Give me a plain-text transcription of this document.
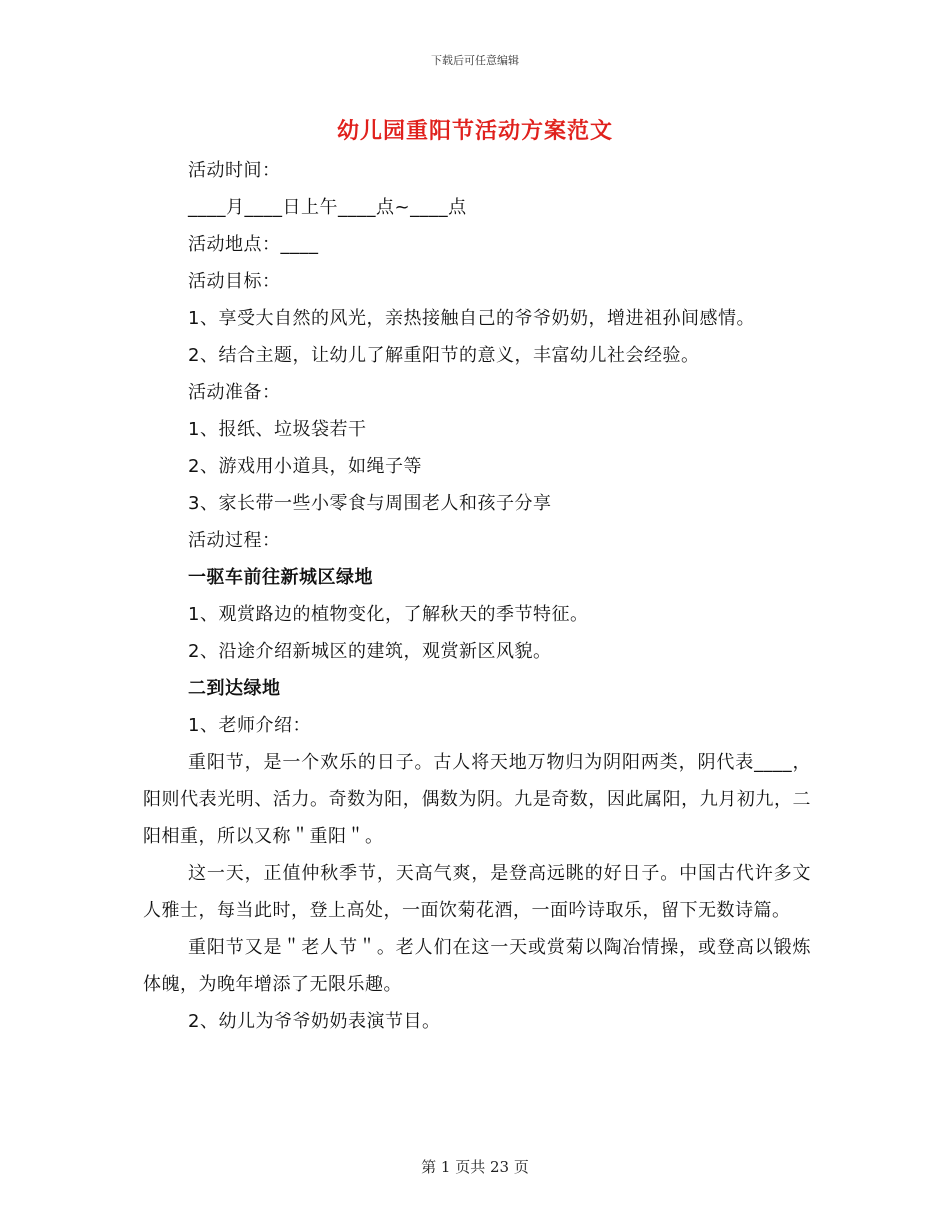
下载后可任意编辑
幼儿园重阳节活动方案范文
活动时间：
____月____日上午____点~____点
活动地点：____
活动目标：
1、享受大自然的风光，亲热接触自己的爷爷奶奶，增进祖孙间感情。
2、结合主题，让幼儿了解重阳节的意义，丰富幼儿社会经验。
活动准备：
1、报纸、垃圾袋若干
2、游戏用小道具，如绳子等
3、家长带一些小零食与周围老人和孩子分享
活动过程：
一驱车前往新城区绿地
1、观赏路边的植物变化，了解秋天的季节特征。
2、沿途介绍新城区的建筑，观赏新区风貌。
二到达绿地
1、老师介绍：
重阳节，是一个欢乐的日子。古人将天地万物归为阴阳两类，阴代表____，阳则代表光明、活力。奇数为阳，偶数为阴。九是奇数，因此属阳，九月初九，二阳相重，所以又称＂重阳＂。
这一天，正值仲秋季节，天高气爽，是登高远眺的好日子。中国古代许多文人雅士，每当此时，登上高处，一面饮菊花酒，一面吟诗取乐，留下无数诗篇。
重阳节又是＂老人节＂。老人们在这一天或赏菊以陶冶情操，或登高以锻炼体魄，为晚年增添了无限乐趣。
2、幼儿为爷爷奶奶表演节目。
第 1 页共 23 页
